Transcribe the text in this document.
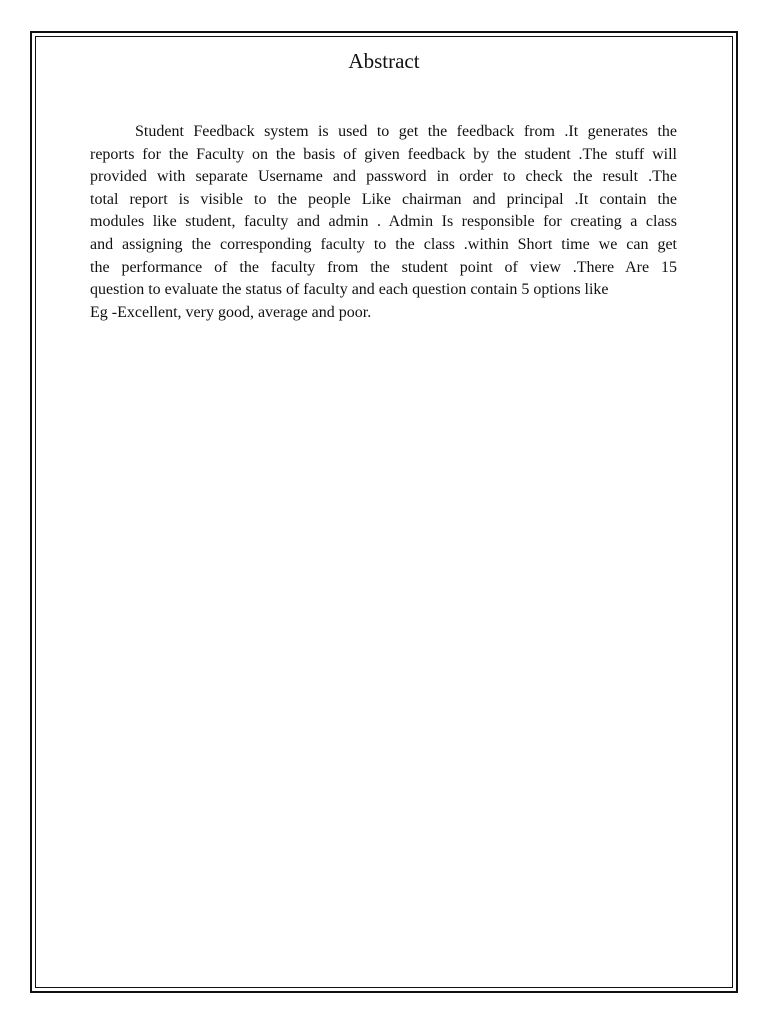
Abstract
Student Feedback system is used to get the feedback from .It generates the
reports for the Faculty on the basis of given feedback by the student .The stuff will
provided with separate Username and password in order to check the result .The
total report is visible to the people Like chairman and principal .It contain the
modules like student, faculty and admin . Admin Is responsible for creating a class
and assigning the corresponding faculty to the class .within Short time we can get
the performance of the faculty from the student point of view .There Are 15
question to evaluate the status of faculty and each question contain 5 options like
Eg -Excellent, very good, average and poor.
